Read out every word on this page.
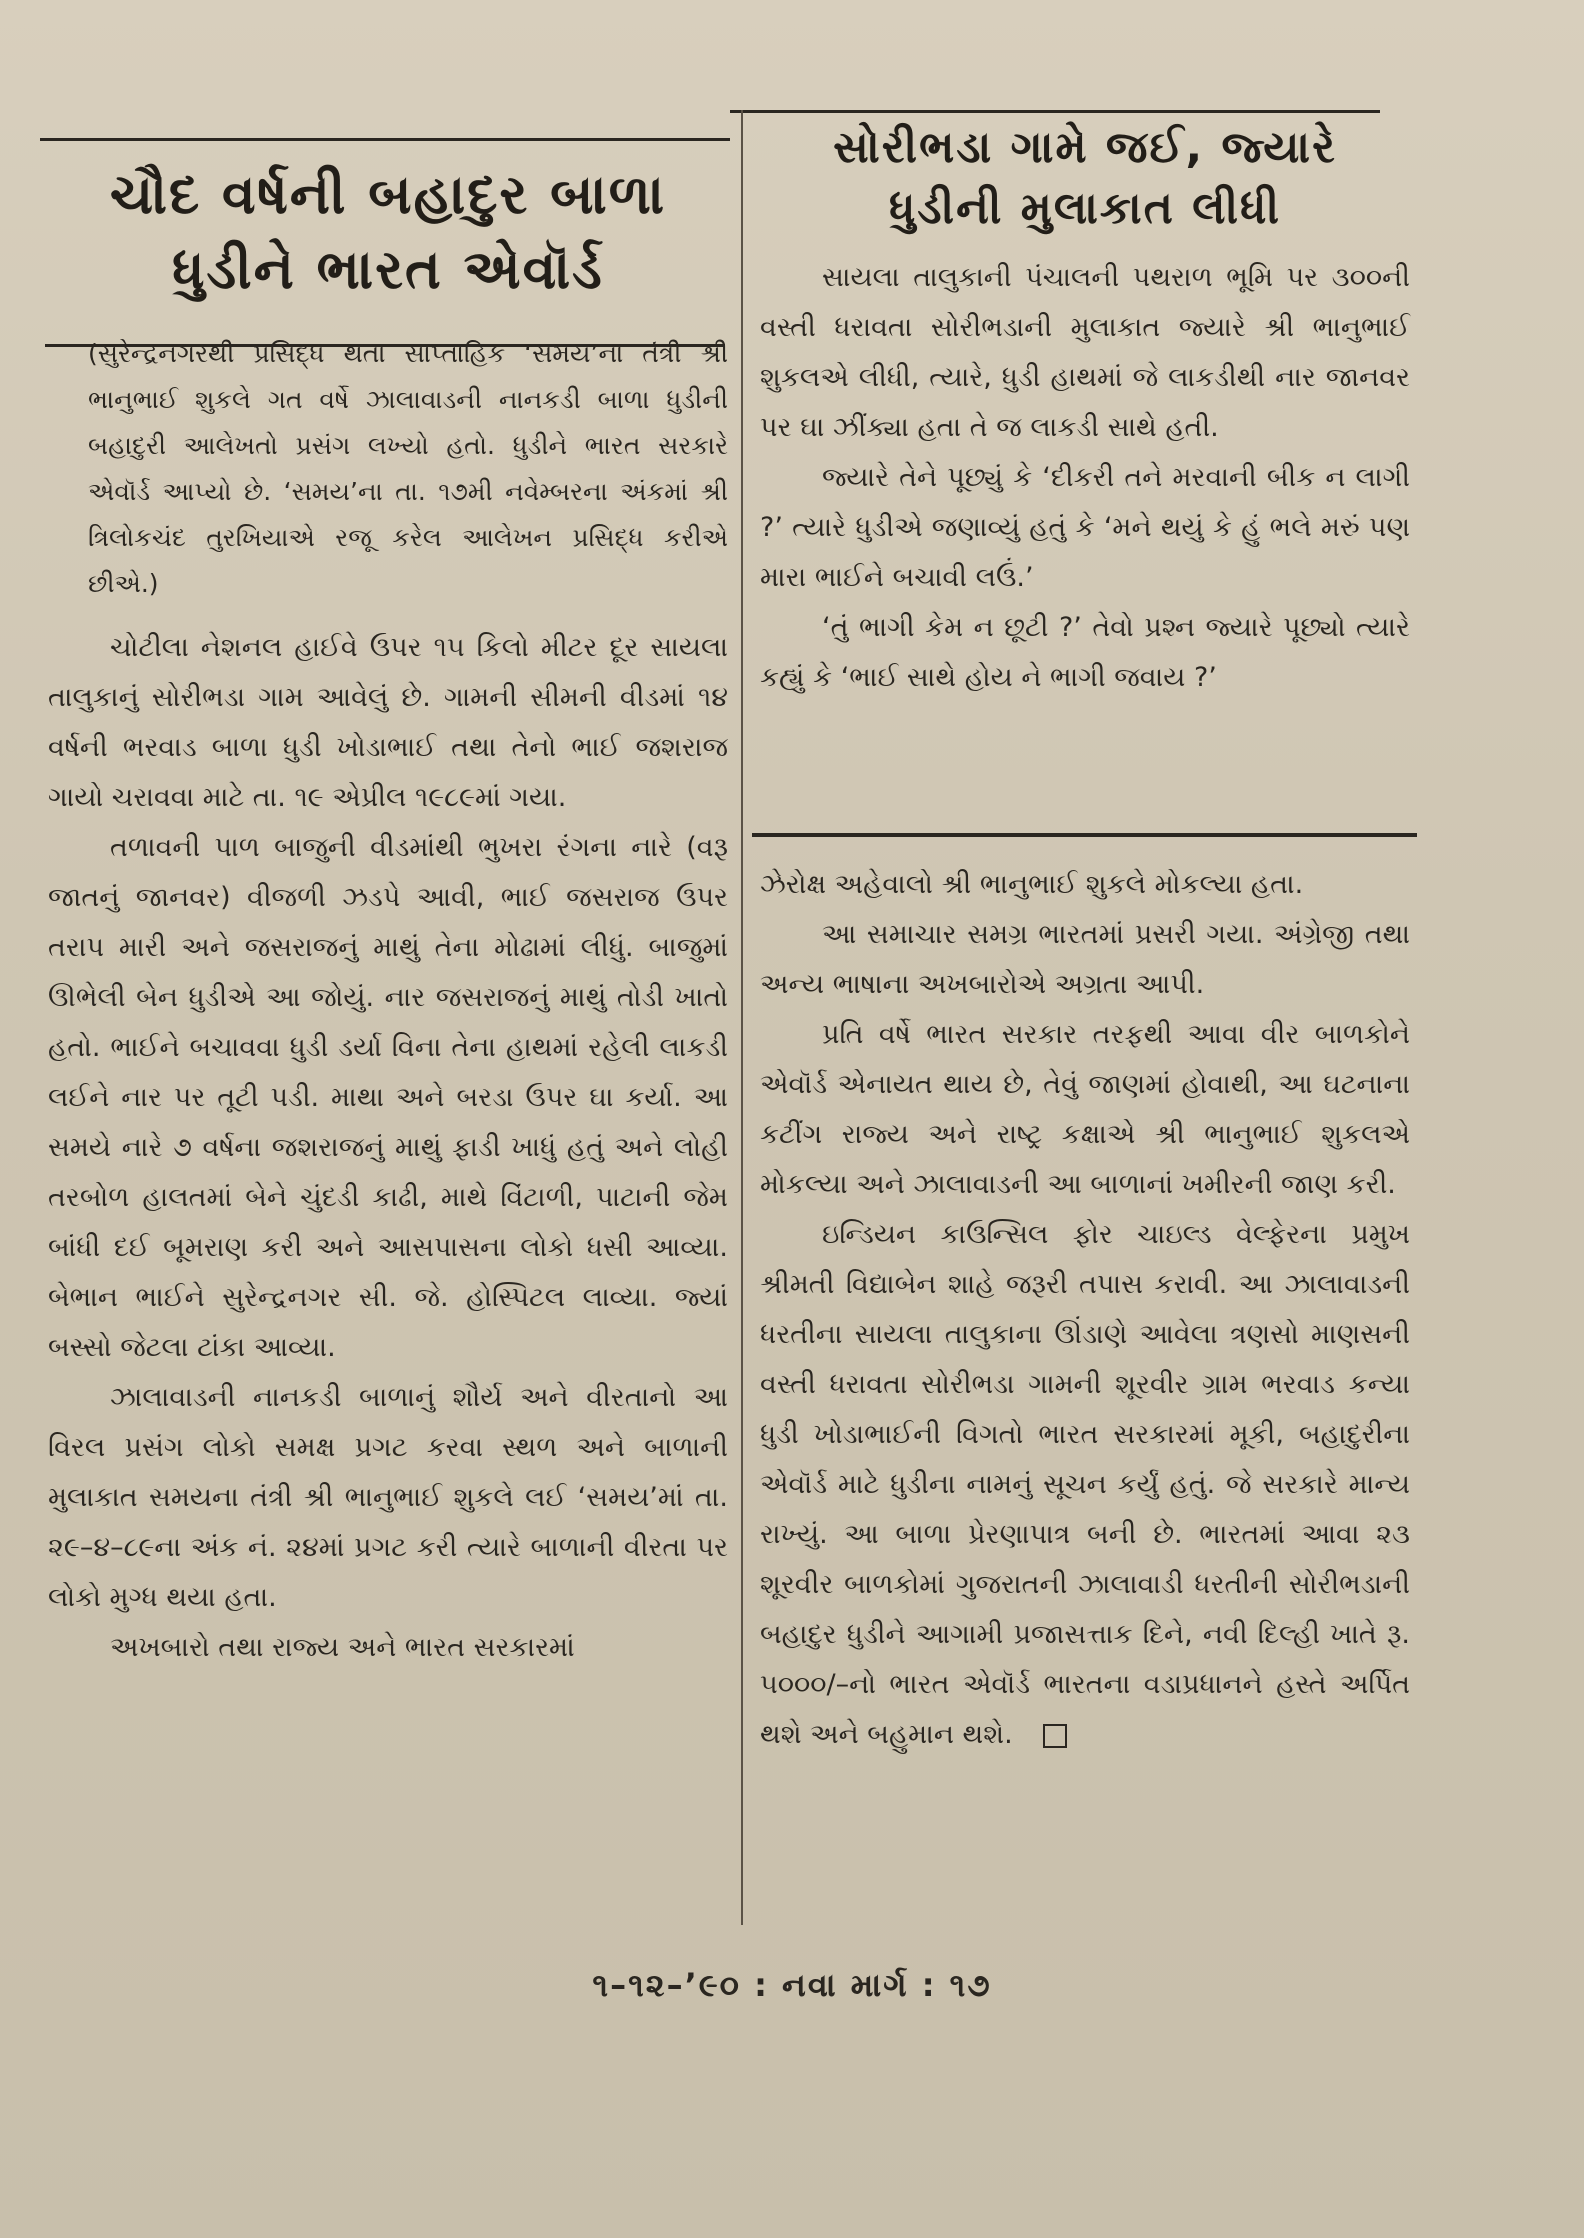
ચૌદ વર્ષની બહાદુર બાળા ધુડીને ભારત એવૉર્ડ

(સુરેન્દ્રનગરથી પ્રસિદ્ધ થતા સાપ્તાહિક ‘સમય’ના તંત્રી શ્રી ભાનુભાઈ શુકલે ગત વર્ષે ઝાલાવાડની નાનકડી બાળા ધુડીની બહાદુરી આલેખતો પ્રસંગ લખ્યો હતો. ધુડીને ભારત સરકારે એવૉર્ડ આપ્યો છે. ‘સમય’ના તા. ૧૭મી નવેમ્બરના અંકમાં શ્રી ત્રિલોકચંદ તુરખિયાએ રજૂ કરેલ આલેખન પ્રસિદ્ધ કરીએ છીએ.)

ચોટીલા નેશનલ હાઈવે ઉપર ૧૫ કિલો મીટર દૂર સાયલા તાલુકાનું સોરીભડા ગામ આવેલું છે. ગામની સીમની વીડમાં ૧૪ વર્ષની ભરવાડ બાળા ધુડી ખોડાભાઈ તથા તેનો ભાઈ જશરાજ ગાયો ચરાવવા માટે તા. ૧૯ એપ્રીલ ૧૯૮૯માં ગયા.

તળાવની પાળ બાજુની વીડમાંથી ભુખરા રંગના નારે (વરૂ જાતનું જાનવર) વીજળી ઝડપે આવી, ભાઈ જસરાજ ઉપર તરાપ મારી અને જસરાજનું માથું તેના મોઢામાં લીધું. બાજુમાં ઊભેલી બેન ધુડીએ આ જોયું. નાર જસરાજનું માથું તોડી ખાતો હતો. ભાઈને બચાવવા ધુડી ડર્યા વિના તેના હાથમાં રહેલી લાકડી લઈને નાર પર તૂટી પડી. માથા અને બરડા ઉપર ઘા કર્યા. આ સમયે નારે ૭ વર્ષના જશરાજનું માથું ફાડી ખાધું હતું અને લોહી તરબોળ હાલતમાં બેને ચુંદડી કાઢી, માથે વિંટાળી, પાટાની જેમ બાંધી દઈ બૂમરાણ કરી અને આસપાસના લોકો ધસી આવ્યા. બેભાન ભાઈને સુરેન્દ્રનગર સી. જે. હોસ્પિટલ લાવ્યા. જ્યાં બસ્સો જેટલા ટાંકા આવ્યા.

ઝાલાવાડની નાનકડી બાળાનું શૌર્ય અને વીરતાનો આ વિરલ પ્રસંગ લોકો સમક્ષ પ્રગટ કરવા સ્થળ અને બાળાની મુલાકાત સમયના તંત્રી શ્રી ભાનુભાઈ શુકલે લઈ ‘સમય’માં તા. ૨૯–૪–૮૯ના અંક નં. ૨૪માં પ્રગટ કરી ત્યારે બાળાની વીરતા પર લોકો મુગ્ધ થયા હતા.

અખબારો તથા રાજ્ય અને ભારત સરકારમાં

સોરીભડા ગામે જઈ, જ્યારે ધુડીની મુલાકાત લીધી

સાયલા તાલુકાની પંચાલની પથરાળ ભૂમિ પર ૩૦૦ની વસ્તી ધરાવતા સોરીભડાની મુલાકાત જ્યારે શ્રી ભાનુભાઈ શુકલએ લીધી, ત્યારે, ધુડી હાથમાં જે લાકડીથી નાર જાનવર પર ઘા ઝીંક્યા હતા તે જ લાકડી સાથે હતી.

જ્યારે તેને પૂછ્યું કે ‘દીકરી તને મરવાની બીક ન લાગી ?’ ત્યારે ધુડીએ જણાવ્યું હતું કે ‘મને થયું કે હું ભલે મરું પણ મારા ભાઈને બચાવી લઉં.’

‘તું ભાગી કેમ ન છૂટી ?’ તેવો પ્રશ્ન જ્યારે પૂછ્યો ત્યારે કહ્યું કે ‘ભાઈ સાથે હોય ને ભાગી જવાય ?’

ઝેરોક્ષ અહેવાલો શ્રી ભાનુભાઈ શુકલે મોકલ્યા હતા.

આ સમાચાર સમગ્ર ભારતમાં પ્રસરી ગયા. અંગ્રેજી તથા અન્ય ભાષાના અખબારોએ અગ્રતા આપી.

પ્રતિ વર્ષે ભારત સરકાર તરફથી આવા વીર બાળકોને એવૉર્ડ એનાયત થાય છે, તેવું જાણમાં હોવાથી, આ ઘટનાના કટીંગ રાજ્ય અને રાષ્ટ્ર કક્ષાએ શ્રી ભાનુભાઈ શુકલએ મોકલ્યા અને ઝાલાવાડની આ બાળાનાં ખમીરની જાણ કરી.

ઇન્ડિયન કાઉન્સિલ ફોર ચાઇલ્ડ વેલ્ફેરના પ્રમુખ શ્રીમતી વિદ્યાબેન શાહે જરૂરી તપાસ કરાવી. આ ઝાલાવાડની ધરતીના સાયલા તાલુકાના ઊંડાણે આવેલા ત્રણસો માણસની વસ્તી ધરાવતા સોરીભડા ગામની શૂરવીર ગ્રામ ભરવાડ કન્યા ધુડી ખોડાભાઈની વિગતો ભારત સરકારમાં મૂકી, બહાદુરીના એવૉર્ડ માટે ધુડીના નામનું સૂચન કર્યું હતું. જે સરકારે માન્ય રાખ્યું. આ બાળા પ્રેરણાપાત્ર બની છે. ભારતમાં આવા ૨૩ શૂરવીર બાળકોમાં ગુજરાતની ઝાલાવાડી ધરતીની સોરીભડાની બહાદુર ધુડીને આગામી પ્રજાસત્તાક દિને, નવી દિલ્હી ખાતે રૂ. ૫૦૦૦/–નો ભારત એવૉર્ડ ભારતના વડાપ્રધાનને હસ્તે અર્પિત થશે અને બહુમાન થશે.

૧–૧૨–’૯૦ : નવા માર્ગ : ૧૭
